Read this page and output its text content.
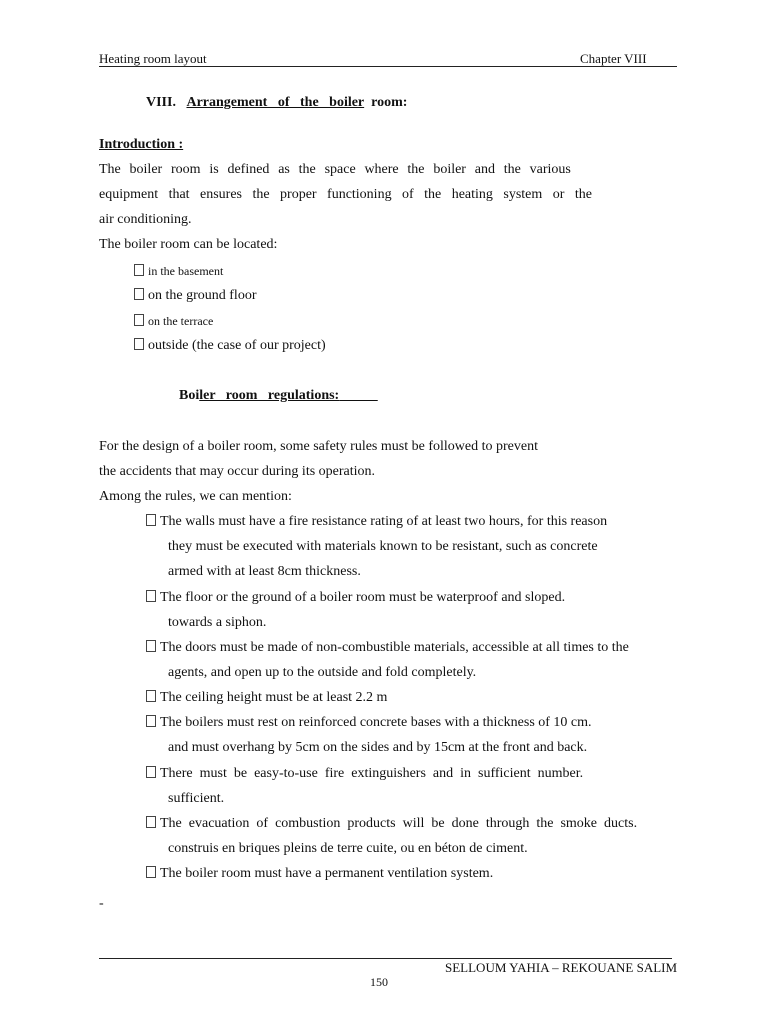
Heating room layout	Chapter VIII
VIII. Arrangement   of   the   boiler room:
Introduction :
The boiler room is defined as the space where the boiler and the various
equipment that ensures the proper functioning of the heating system or the
air conditioning.
The boiler room can be located:
in the basement
on the ground floor
on the terrace
outside (the case of our project)
Boiler   room   regulations:
For the design of a boiler room, some safety rules must be followed to prevent
the accidents that may occur during its operation.
Among the rules, we can mention:
The walls must have a fire resistance rating of at least two hours, for this reason
they must be executed with materials known to be resistant, such as concrete
armed with at least 8cm thickness.
The floor or the ground of a boiler room must be waterproof and sloped.
towards a siphon.
The doors must be made of non-combustible materials, accessible at all times to the
agents, and open up to the outside and fold completely.
The ceiling height must be at least 2.2 m
The boilers must rest on reinforced concrete bases with a thickness of 10 cm.
and must overhang by 5cm on the sides and by 15cm at the front and back.
There  must  be  easy-to-use  fire  extinguishers  and  in  sufficient  number.
sufficient.
The  evacuation  of  combustion  products  will  be  done  through  the  smoke  ducts.
construis en briques pleins de terre cuite, ou en béton de ciment.
The boiler room must have a permanent ventilation system.
-
SELLOUM YAHIA – REKOUANE SALIM
150
